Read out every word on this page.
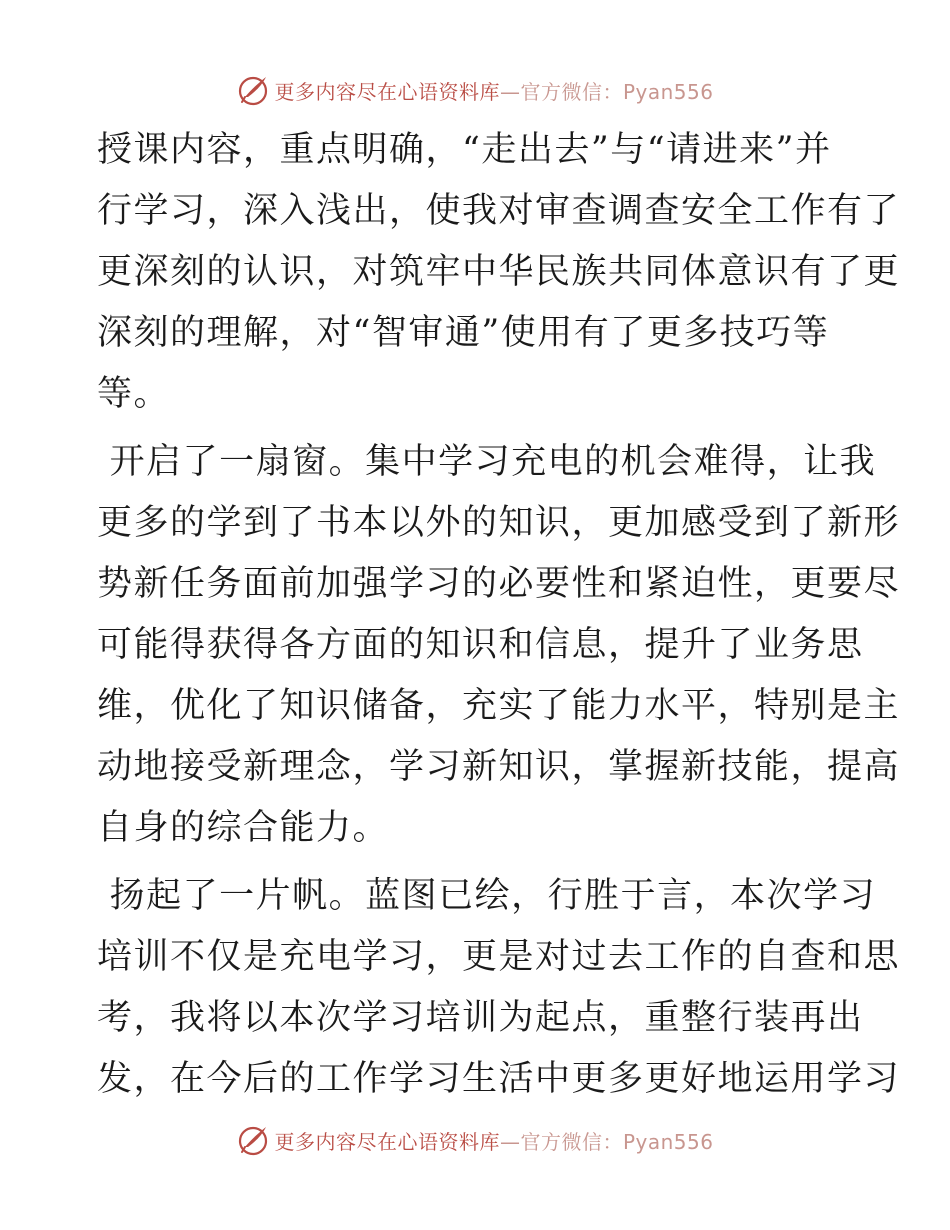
更多内容尽在心语资料库—官方微信：Pyan556
授课内容，重点明确，“走出去”与“请进来”并
行学习，深入浅出，使我对审查调查安全工作有了
更深刻的认识，对筑牢中华民族共同体意识有了更
深刻的理解，对“智审通”使用有了更多技巧等
等。
开启了一扇窗。集中学习充电的机会难得，让我
更多的学到了书本以外的知识，更加感受到了新形
势新任务面前加强学习的必要性和紧迫性，更要尽
可能得获得各方面的知识和信息，提升了业务思
维，优化了知识储备，充实了能力水平，特别是主
动地接受新理念，学习新知识，掌握新技能，提高
自身的综合能力。
扬起了一片帆。蓝图已绘，行胜于言，本次学习
培训不仅是充电学习，更是对过去工作的自查和思
考，我将以本次学习培训为起点，重整行装再出
发，在今后的工作学习生活中更多更好地运用学习
更多内容尽在心语资料库—官方微信：Pyan556
